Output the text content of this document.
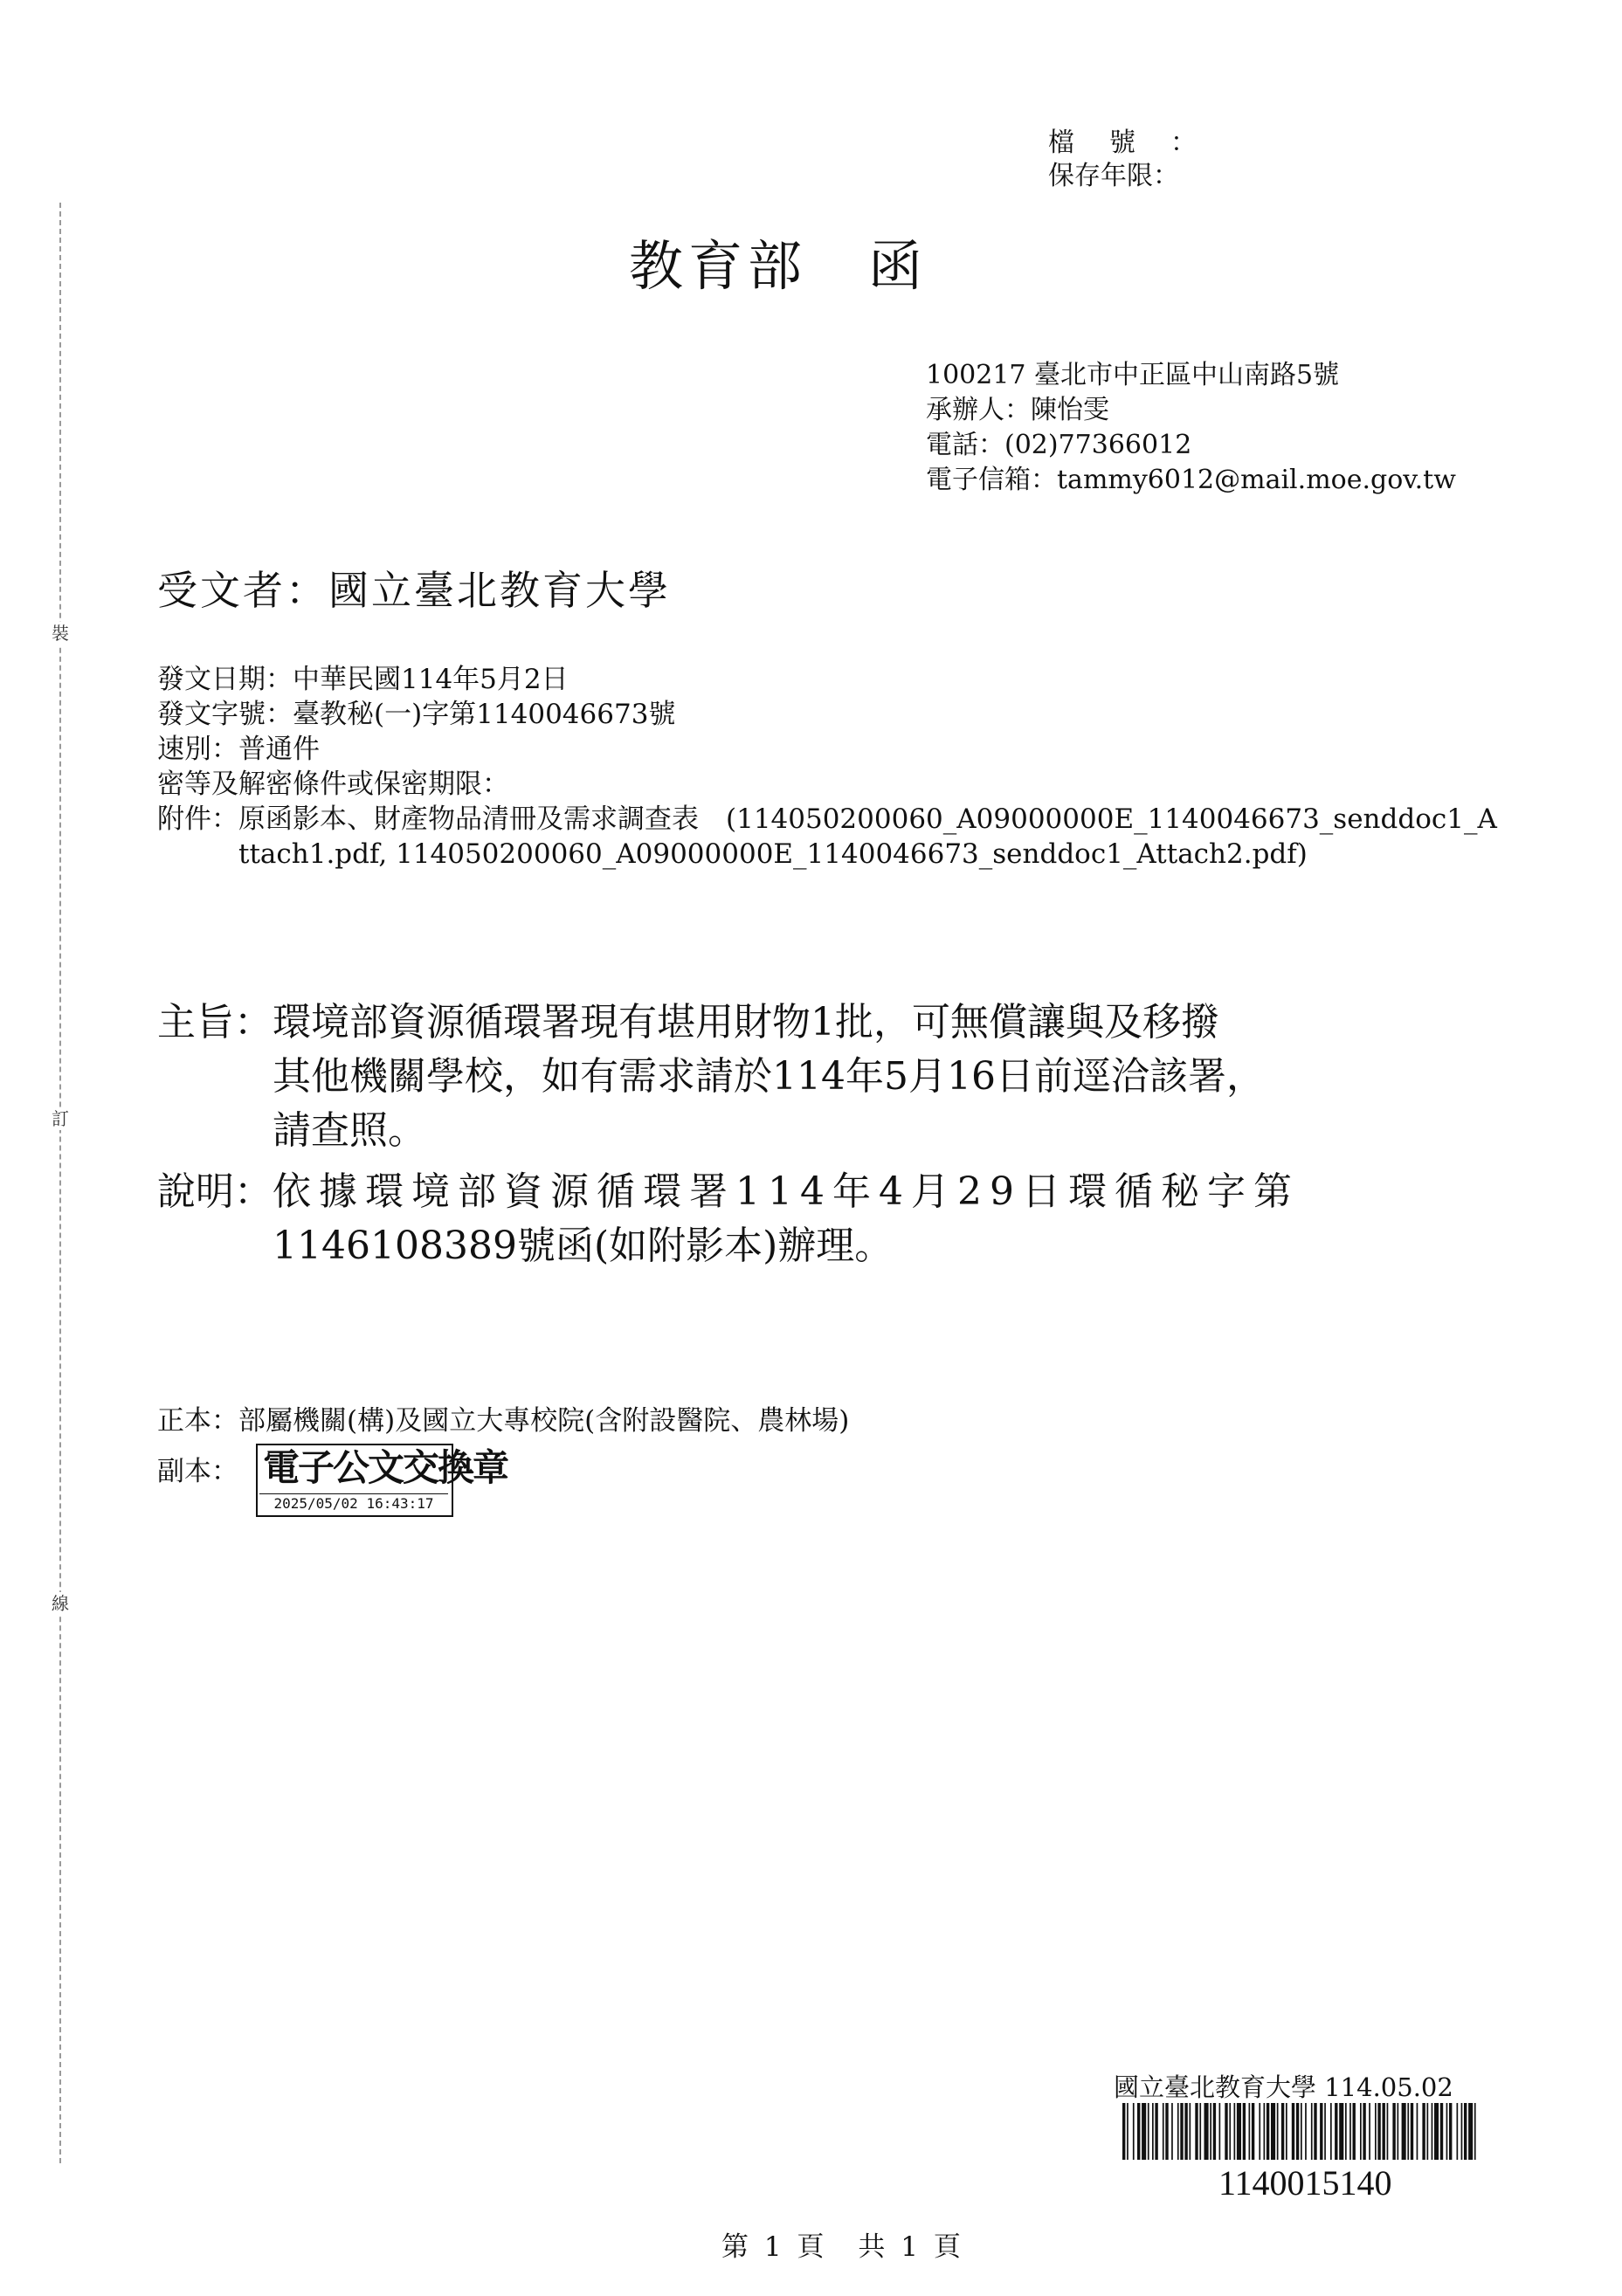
裝
訂
線
檔號：
保存年限：
教育部 函
100217 臺北市中正區中山南路5號
承辦人：陳怡雯
電話：(02)77366012
電子信箱：tammy6012@mail.moe.gov.tw
受文者：國立臺北教育大學
發文日期：中華民國114年5月2日
發文字號：臺教秘(一)字第1140046673號
速別：普通件
密等及解密條件或保密期限：
附件： 原函影本、財產物品清冊及需求調查表　(114050200060_A09000000E_1140046673_senddoc1_Attach1.pdf, 114050200060_A09000000E_1140046673_senddoc1_Attach2.pdf)
主旨： 環境部資源循環署現有堪用財物1批，可無償讓與及移撥
其他機關學校，如有需求請於114年5月16日前逕洽該署，
請查照。
說明： 依據環境部資源循環署114年4月29日環循秘字第
1146108389號函(如附影本)辦理。
正本：部屬機關(構)及國立大專校院(含附設醫院、農林場)
副本： 電子公文交換章
2025/05/02 16:43:17
國立臺北教育大學 114.05.02
1140015140
第 1 頁　共 1 頁
